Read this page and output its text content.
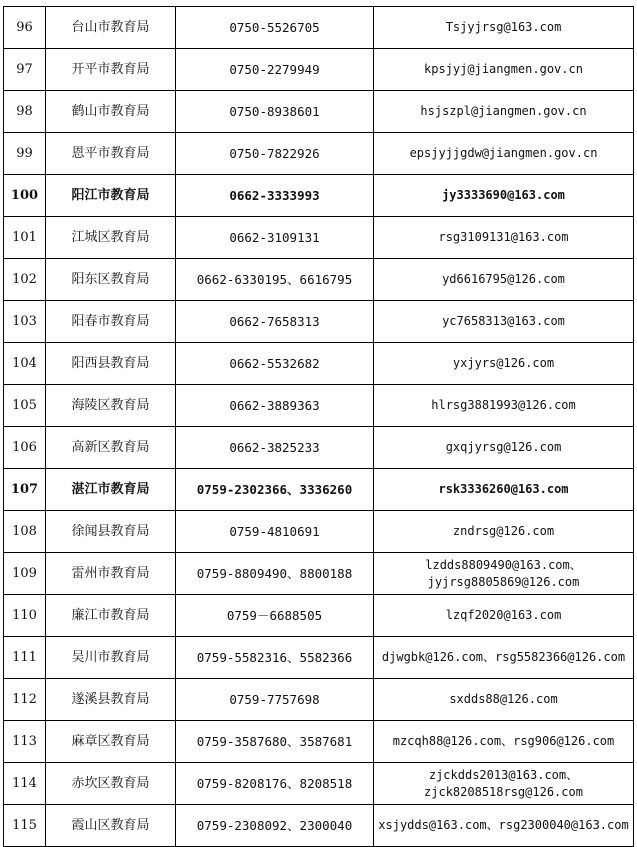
96	台山市教育局	0750-5526705	Tsjyjrsg@163.com

97	开平市教育局	0750-2279949	kpsjyj@jiangmen.gov.cn

98	鹤山市教育局	0750-8938601	hsjszpl@jiangmen.gov.cn

99	恩平市教育局	0750-7822926	epsjyjjgdw@jiangmen.gov.cn

100	阳江市教育局	0662-3333993	jy3333690@163.com

101	江城区教育局	0662-3109131	rsg3109131@163.com

102	阳东区教育局	0662-6330195、6616795	yd6616795@126.com

103	阳春市教育局	0662-7658313	yc7658313@163.com

104	阳西县教育局	0662-5532682	yxjyrs@126.com

105	海陵区教育局	0662-3889363	hlrsg3881993@126.com

106	高新区教育局	0662-3825233	gxqjyrsg@126.com

107	湛江市教育局	0759-2302366、3336260	rsk3336260@163.com

108	徐闻县教育局	0759-4810691	zndrsg@126.com

109	雷州市教育局	0759-8809490、8800188	lzdds8809490@163.com、
jyjrsg8805869@126.com

110	廉江市教育局	0759－6688505	lzqf2020@163.com

111	吴川市教育局	0759-5582316、5582366	djwgbk@126.com、rsg5582366@126.com

112	遂溪县教育局	0759-7757698	sxdds88@126.com

113	麻章区教育局	0759-3587680、3587681	mzcqh88@126.com、rsg906@126.com

114	赤坎区教育局	0759-8208176、8208518	zjckdds2013@163.com、
zjck8208518rsg@126.com

115	霞山区教育局	0759-2308092、2300040	xsjydds@163.com、rsg2300040@163.com
